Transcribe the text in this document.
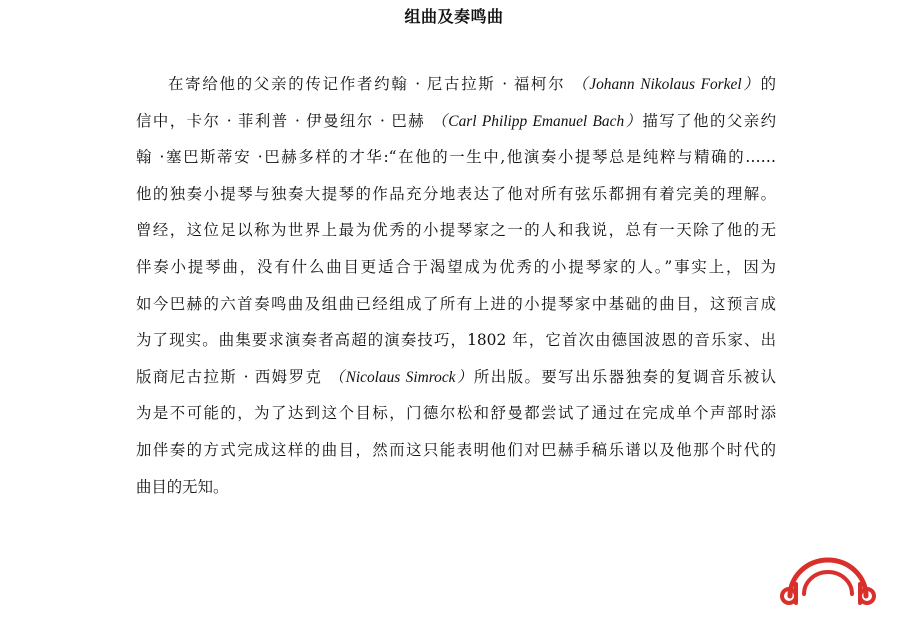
组曲及奏鸣曲
在寄给他的父亲的传记作者约翰 · 尼古拉斯 · 福柯尔 （Johann Nikolaus Forkel）的
信中，卡尔 · 菲利普 · 伊曼纽尔 · 巴赫 （Carl Philipp Emanuel Bach）描写了他的父亲约
翰 ·塞巴斯蒂安 ·巴赫多样的才华:“在他的一生中,他演奏小提琴总是纯粹与精确的……
他的独奏小提琴与独奏大提琴的作品充分地表达了他对所有弦乐都拥有着完美的理解。
曾经，这位足以称为世界上最为优秀的小提琴家之一的人和我说，总有一天除了他的无
伴奏小提琴曲，没有什么曲目更适合于渴望成为优秀的小提琴家的人。”事实上，因为
如今巴赫的六首奏鸣曲及组曲已经组成了所有上进的小提琴家中基础的曲目，这预言成
为了现实。曲集要求演奏者高超的演奏技巧，1802 年，它首次由德国波恩的音乐家、出
版商尼古拉斯 · 西姆罗克 （Nicolaus Simrock）所出版。要写出乐器独奏的复调音乐被认
为是不可能的，为了达到这个目标，门德尔松和舒曼都尝试了通过在完成单个声部时添
加伴奏的方式完成这样的曲目，然而这只能表明他们对巴赫手稿乐谱以及他那个时代的
曲目的无知。
